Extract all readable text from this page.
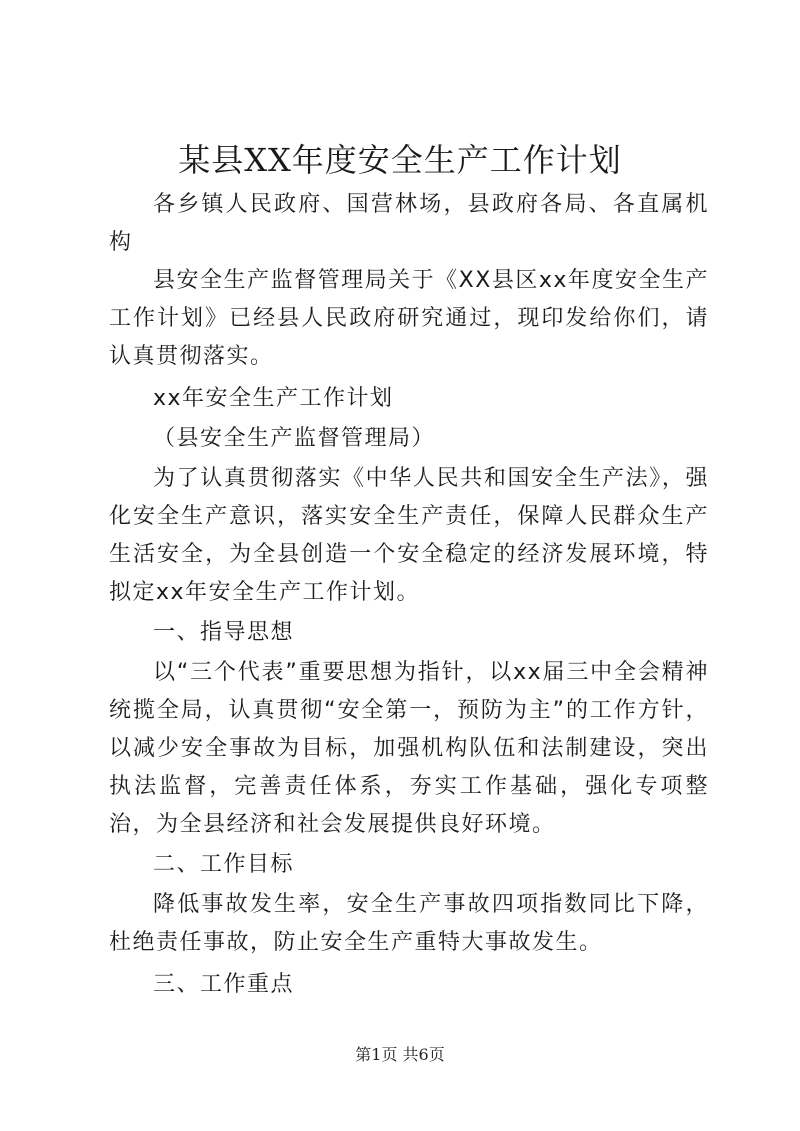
某县XX年度安全生产工作计划

各乡镇人民政府、国营林场，县政府各局、各直属机构

县安全生产监督管理局关于《XX县区xx年度安全生产工作计划》已经县人民政府研究通过，现印发给你们，请认真贯彻落实。

xx年安全生产工作计划

（县安全生产监督管理局）

为了认真贯彻落实《中华人民共和国安全生产法》，强化安全生产意识，落实安全生产责任，保障人民群众生产生活安全，为全县创造一个安全稳定的经济发展环境，特拟定xx年安全生产工作计划。

一、指导思想

以“三个代表”重要思想为指针，以xx届三中全会精神统揽全局，认真贯彻“安全第一，预防为主”的工作方针，以减少安全事故为目标，加强机构队伍和法制建设，突出执法监督，完善责任体系，夯实工作基础，强化专项整治，为全县经济和社会发展提供良好环境。

二、工作目标

降低事故发生率，安全生产事故四项指数同比下降，杜绝责任事故，防止安全生产重特大事故发生。

三、工作重点

第1页 共6页
